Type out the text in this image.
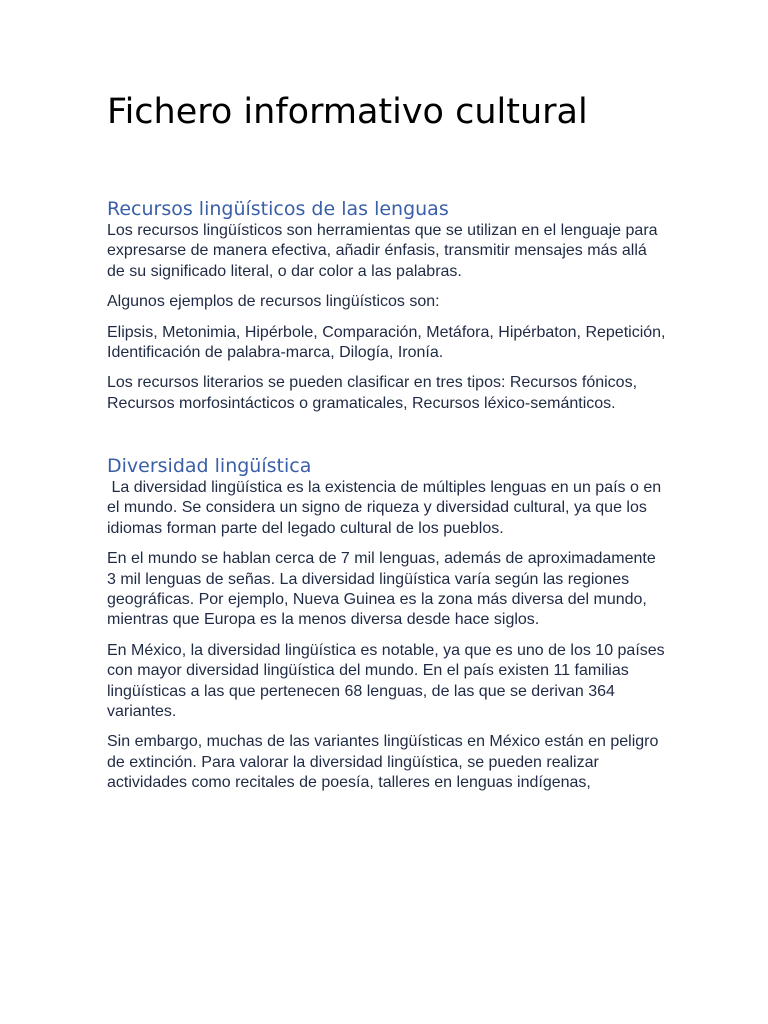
Fichero informativo cultural
Recursos lingüísticos de las lenguas

Los recursos lingüísticos son herramientas que se utilizan en el lenguaje para expresarse de manera efectiva, añadir énfasis, transmitir mensajes más allá de su significado literal, o dar color a las palabras.

Algunos ejemplos de recursos lingüísticos son:

Elipsis, Metonimia, Hipérbole, Comparación, Metáfora, Hipérbaton, Repetición, Identificación de palabra-marca, Dilogía, Ironía.

Los recursos literarios se pueden clasificar en tres tipos: Recursos fónicos, Recursos morfosintácticos o gramaticales, Recursos léxico-semánticos.

Diversidad lingüística

La diversidad lingüística es la existencia de múltiples lenguas en un país o en el mundo. Se considera un signo de riqueza y diversidad cultural, ya que los idiomas forman parte del legado cultural de los pueblos.

En el mundo se hablan cerca de 7 mil lenguas, además de aproximadamente 3 mil lenguas de señas. La diversidad lingüística varía según las regiones geográficas. Por ejemplo, Nueva Guinea es la zona más diversa del mundo, mientras que Europa es la menos diversa desde hace siglos.

En México, la diversidad lingüística es notable, ya que es uno de los 10 países con mayor diversidad lingüística del mundo. En el país existen 11 familias lingüísticas a las que pertenecen 68 lenguas, de las que se derivan 364 variantes.

Sin embargo, muchas de las variantes lingüísticas en México están en peligro de extinción. Para valorar la diversidad lingüística, se pueden realizar actividades como recitales de poesía, talleres en lenguas indígenas,
